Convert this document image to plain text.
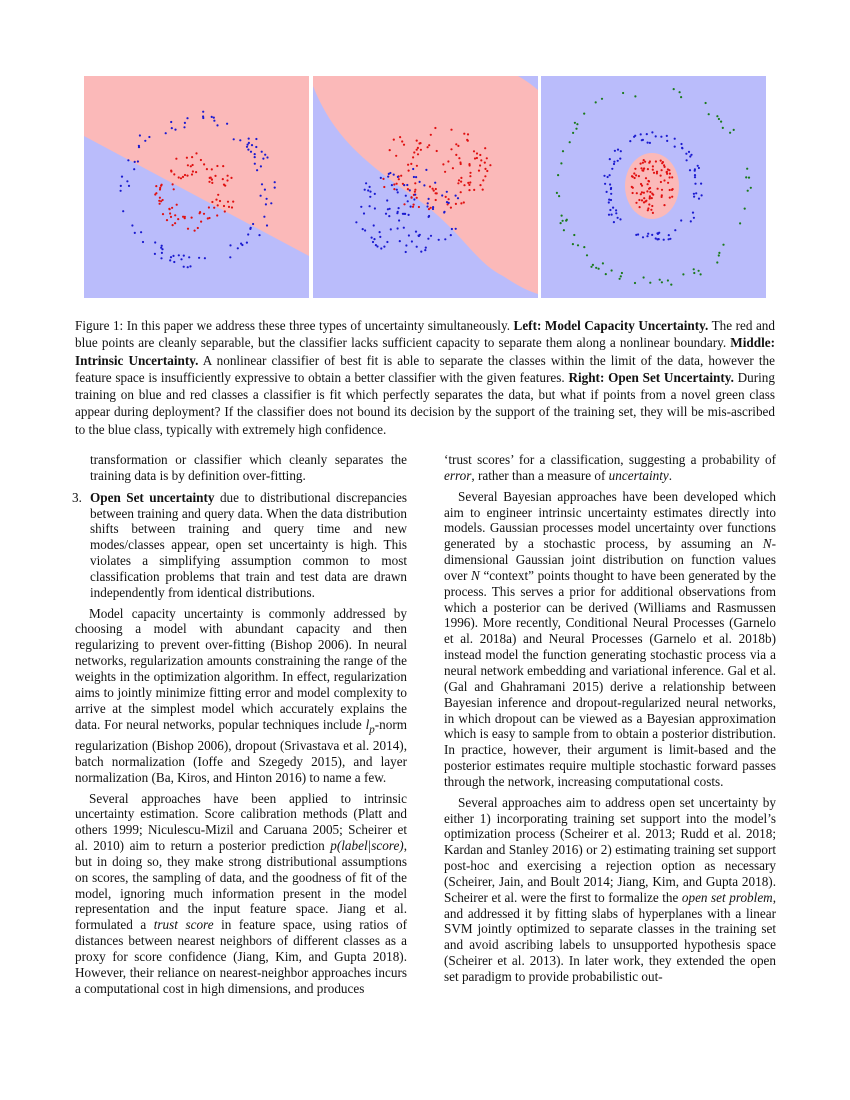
Figure 1: In this paper we address these three types of uncertainty simultaneously. Left: Model Capacity Uncertainty. The red and blue points are cleanly separable, but the classifier lacks sufficient capacity to separate them along a nonlinear boundary. Middle: Intrinsic Uncertainty. A nonlinear classifier of best fit is able to separate the classes within the limit of the data, however the feature space is insufficiently expressive to obtain a better classifier with the given features. Right: Open Set Uncertainty. During training on blue and red classes a classifier is fit which perfectly separates the data, but what if points from a novel green class appear during deployment? If the classifier does not bound its decision by the support of the training set, they will be mis-ascribed to the blue class, typically with extremely high confidence.
transformation or classifier which cleanly separates the training data is by definition over-fitting.
3. Open Set uncertainty due to distributional discrepancies between training and query data. When the data distribution shifts between training and query time and new modes/classes appear, open set uncertainty is high. This violates a simplifying assumption common to most classification problems that train and test data are drawn independently from identical distributions.

Model capacity uncertainty is commonly addressed by choosing a model with abundant capacity and then regularizing to prevent over-fitting (Bishop 2006). In neural networks, regularization amounts constraining the range of the weights in the optimization algorithm. In effect, regularization aims to jointly minimize fitting error and model complexity to arrive at the simplest model which accurately explains the data. For neural networks, popular techniques include $l_p$-norm regularization (Bishop 2006), dropout (Srivastava et al. 2014), batch normalization (Ioffe and Szegedy 2015), and layer normalization (Ba, Kiros, and Hinton 2016) to name a few.

Several approaches have been applied to intrinsic uncertainty estimation. Score calibration methods (Platt and others 1999; Niculescu-Mizil and Caruana 2005; Scheirer et al. 2010) aim to return a posterior prediction p(label|score), but in doing so, they make strong distributional assumptions on scores, the sampling of data, and the goodness of fit of the model, ignoring much information present in the model representation and the input feature space. Jiang et al. formulated a trust score in feature space, using ratios of distances between nearest neighbors of different classes as a proxy for score confidence (Jiang, Kim, and Gupta 2018). However, their reliance on nearest-neighbor approaches incurs a computational cost in high dimensions, and produces

‘trust scores’ for a classification, suggesting a probability of error, rather than a measure of uncertainty.

Several Bayesian approaches have been developed which aim to engineer intrinsic uncertainty estimates directly into models. Gaussian processes model uncertainty over functions generated by a stochastic process, by assuming an N-dimensional Gaussian joint distribution on function values over N “context” points thought to have been generated by the process. This serves a prior for additional observations from which a posterior can be derived (Williams and Rasmussen 1996). More recently, Conditional Neural Processes (Garnelo et al. 2018a) and Neural Processes (Garnelo et al. 2018b) instead model the function generating stochastic process via a neural network embedding and variational inference. Gal et al. (Gal and Ghahramani 2015) derive a relationship between Bayesian inference and dropout-regularized neural networks, in which dropout can be viewed as a Bayesian approximation which is easy to sample from to obtain a posterior distribution. In practice, however, their argument is limit-based and the posterior estimates require multiple stochastic forward passes through the network, increasing computational costs.

Several approaches aim to address open set uncertainty by either 1) incorporating training set support into the model’s optimization process (Scheirer et al. 2013; Rudd et al. 2018; Kardan and Stanley 2016) or 2) estimating training set support post-hoc and exercising a rejection option as necessary (Scheirer, Jain, and Boult 2014; Jiang, Kim, and Gupta 2018). Scheirer et al. were the first to formalize the open set problem, and addressed it by fitting slabs of hyperplanes with a linear SVM jointly optimized to separate classes in the training set and avoid ascribing labels to unsupported hypothesis space (Scheirer et al. 2013). In later work, they extended the open set paradigm to provide probabilistic out-
